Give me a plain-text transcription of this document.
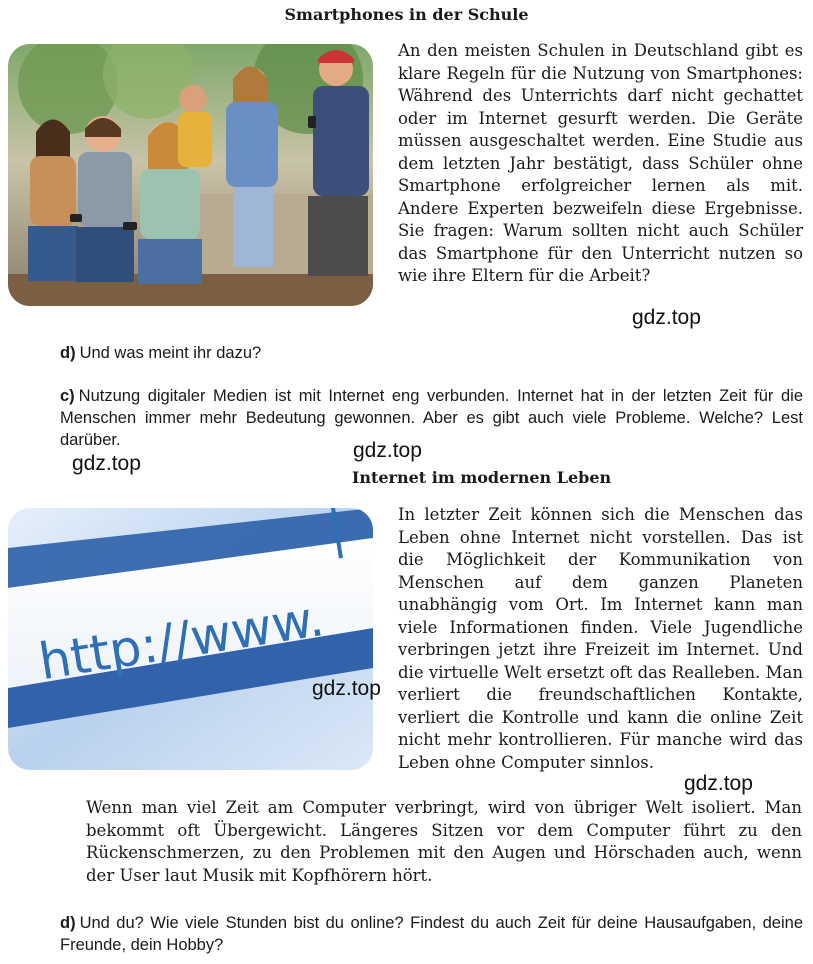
Smartphones in der Schule
An den meisten Schulen in Deutschland gibt es klare Regeln für die Nutzung von Smartphones: Während des Unterrichts darf nicht gechattet oder im Internet gesurft werden. Die Geräte müssen ausgeschaltet werden. Eine Studie aus dem letzten Jahr bestätigt, dass Schüler ohne Smartphone erfolgreicher lernen als mit. Andere Experten bezweifeln diese Ergebnisse. Sie fragen: Warum sollten nicht auch Schüler das Smartphone für den Unterricht nutzen so wie ihre Eltern für die Arbeit?
gdz.top
d) Und was meint ihr dazu?
c) Nutzung digitaler Medien ist mit Internet eng verbunden. Internet hat in der letzten Zeit für die Menschen immer mehr Bedeutung gewonnen. Aber es gibt auch viele Probleme. Welche? Lest darüber.	gdz.top
gdz.top
Internet im modernen Leben
http://www.
In letzter Zeit können sich die Menschen das Leben ohne Internet nicht vorstellen. Das ist die Möglichkeit der Kommunikation von Menschen auf dem ganzen Planeten unabhängig vom Ort. Im Internet kann man viele Informationen finden. Viele Jugendliche verbringen jetzt ihre Freizeit im Internet. Und die virtuelle Welt ersetzt oft das Realleben. Man verliert die freundschaftlichen Kontakte, verliert die Kontrolle und kann die online Zeit nicht mehr kontrollieren. Für manche wird das Leben ohne Computer sinnlos.
gdz.top
gdz.top
Wenn man viel Zeit am Computer verbringt, wird von übriger Welt isoliert. Man bekommt oft Übergewicht. Längeres Sitzen vor dem Computer führt zu den Rückenschmerzen, zu den Problemen mit den Augen und Hörschaden auch, wenn der User laut Musik mit Kopfhörern hört.
d) Und du? Wie viele Stunden bist du online? Findest du auch Zeit für deine Hausaufgaben, deine Freunde, dein Hobby?
